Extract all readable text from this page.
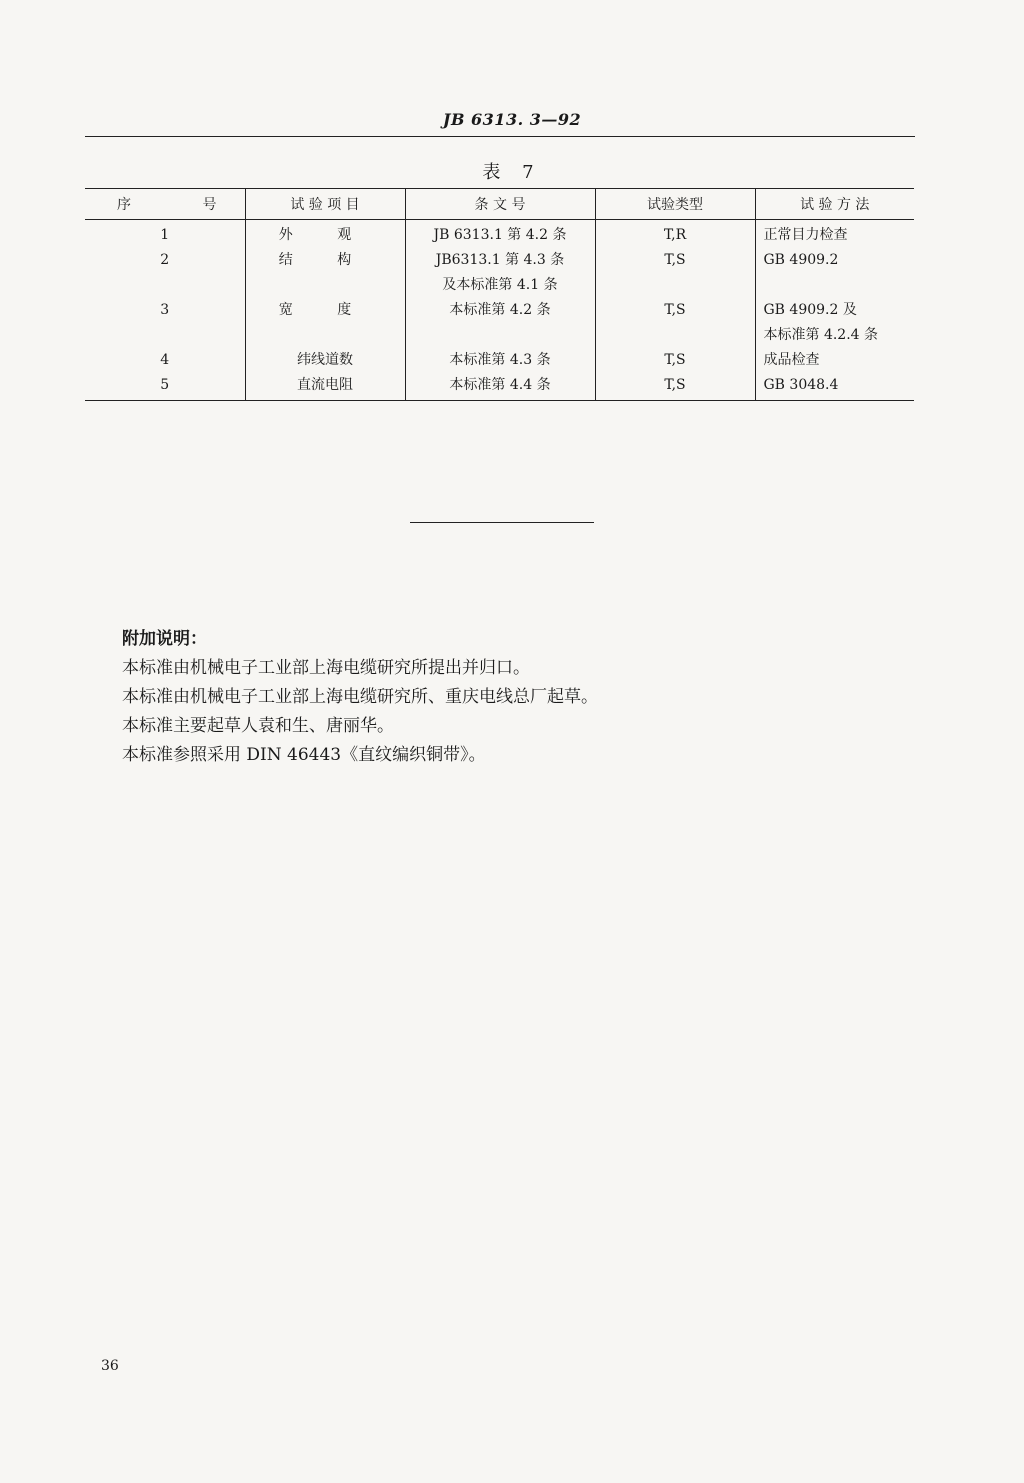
JB 6313. 3—92
表 7
序 号	试 验 项 目	条 文 号	试验类型	试 验 方 法
1	外 观	JB 6313.1 第 4.2 条	T,R	正常目力检查
2	结 构	JB6313.1 第 4.3 条	T,S	GB 4909.2
		及本标准第 4.1 条		
3	宽 度	本标准第 4.2 条	T,S	GB 4909.2 及
				本标准第 4.2.4 条
4	纬线道数	本标准第 4.3 条	T,S	成品检查
5	直流电阻	本标准第 4.4 条	T,S	GB 3048.4
附加说明：
本标准由机械电子工业部上海电缆研究所提出并归口。
本标准由机械电子工业部上海电缆研究所、重庆电线总厂起草。
本标准主要起草人袁和生、唐丽华。
本标准参照采用 DIN 46443《直纹编织铜带》。
36
